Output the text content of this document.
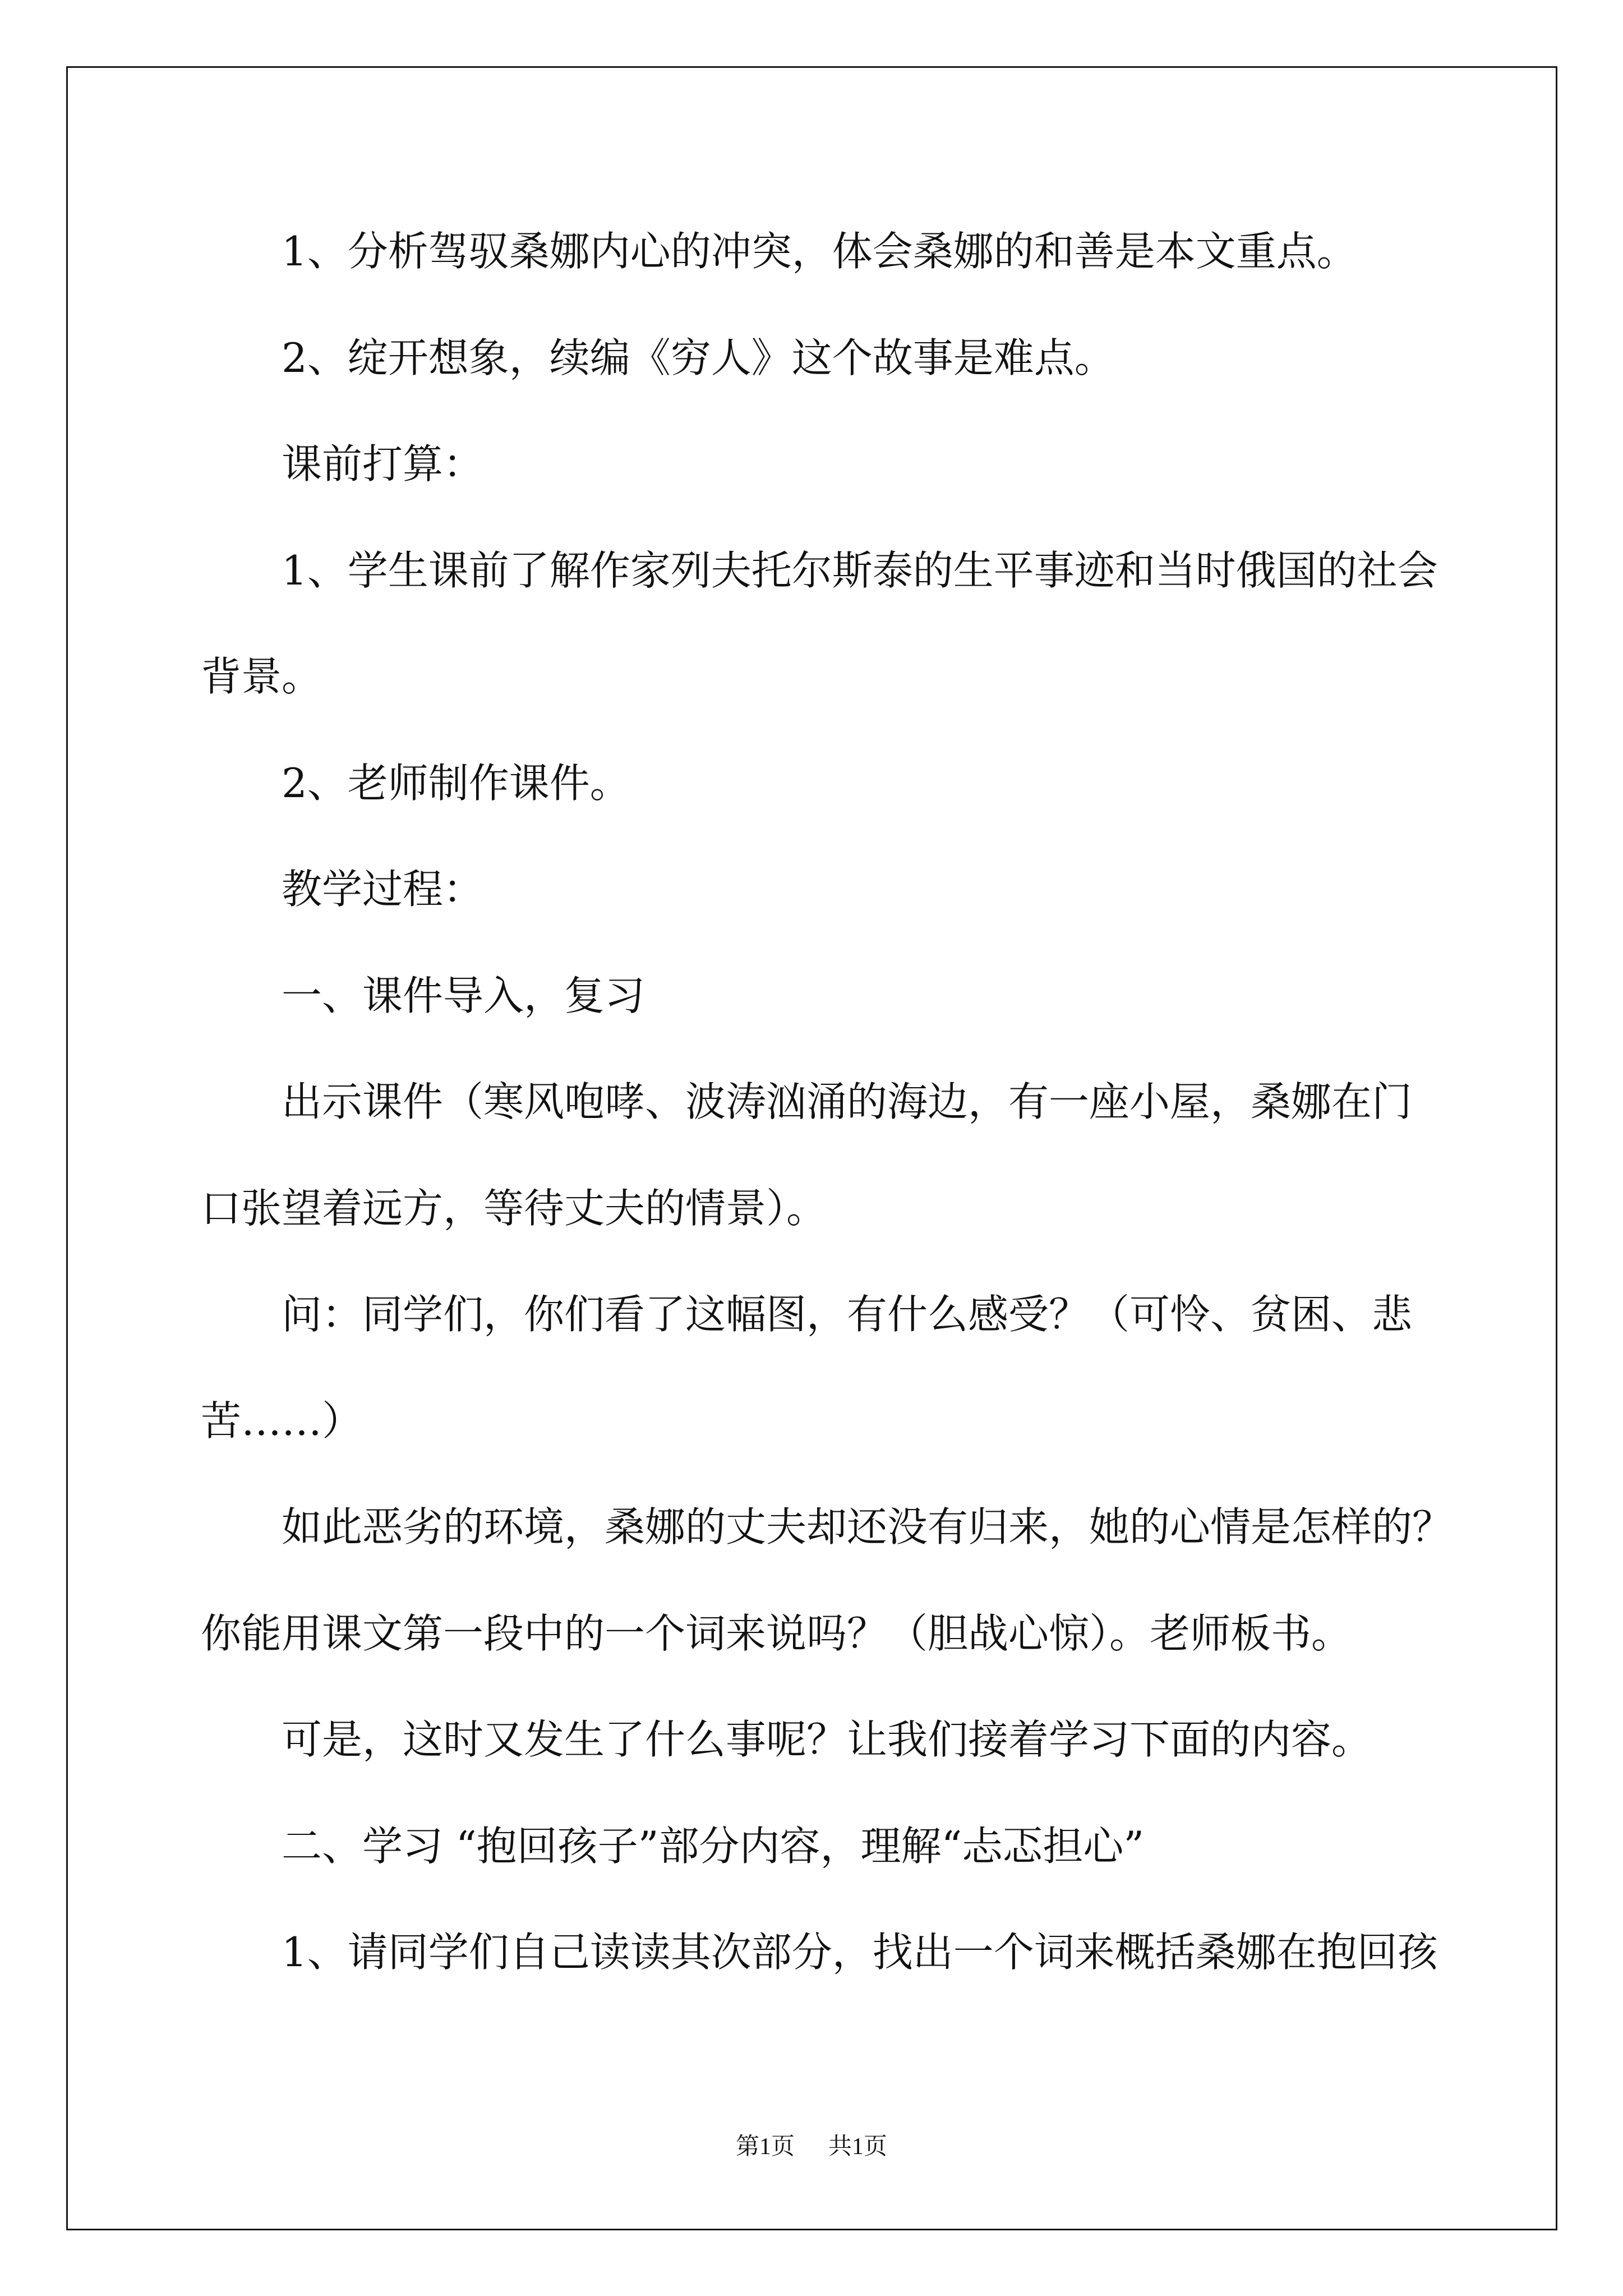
1、分析驾驭桑娜内心的冲突，体会桑娜的和善是本文重点。
2、绽开想象，续编《穷人》这个故事是难点。
课前打算：
1、学生课前了解作家列夫托尔斯泰的生平事迹和当时俄国的社会
背景。
2、老师制作课件。
教学过程：
一、课件导入，复习
出示课件（寒风咆哮、波涛汹涌的海边，有一座小屋，桑娜在门
口张望着远方，等待丈夫的情景）。
问：同学们，你们看了这幅图，有什么感受？（可怜、贫困、悲
苦……）
如此恶劣的环境，桑娜的丈夫却还没有归来，她的心情是怎样的？
你能用课文第一段中的一个词来说吗？（胆战心惊）。老师板书。
可是，这时又发生了什么事呢？让我们接着学习下面的内容。
二、学习 “抱回孩子”部分内容，理解“忐忑担心”
1、请同学们自己读读其次部分，找出一个词来概括桑娜在抱回孩
第1页 共1页
